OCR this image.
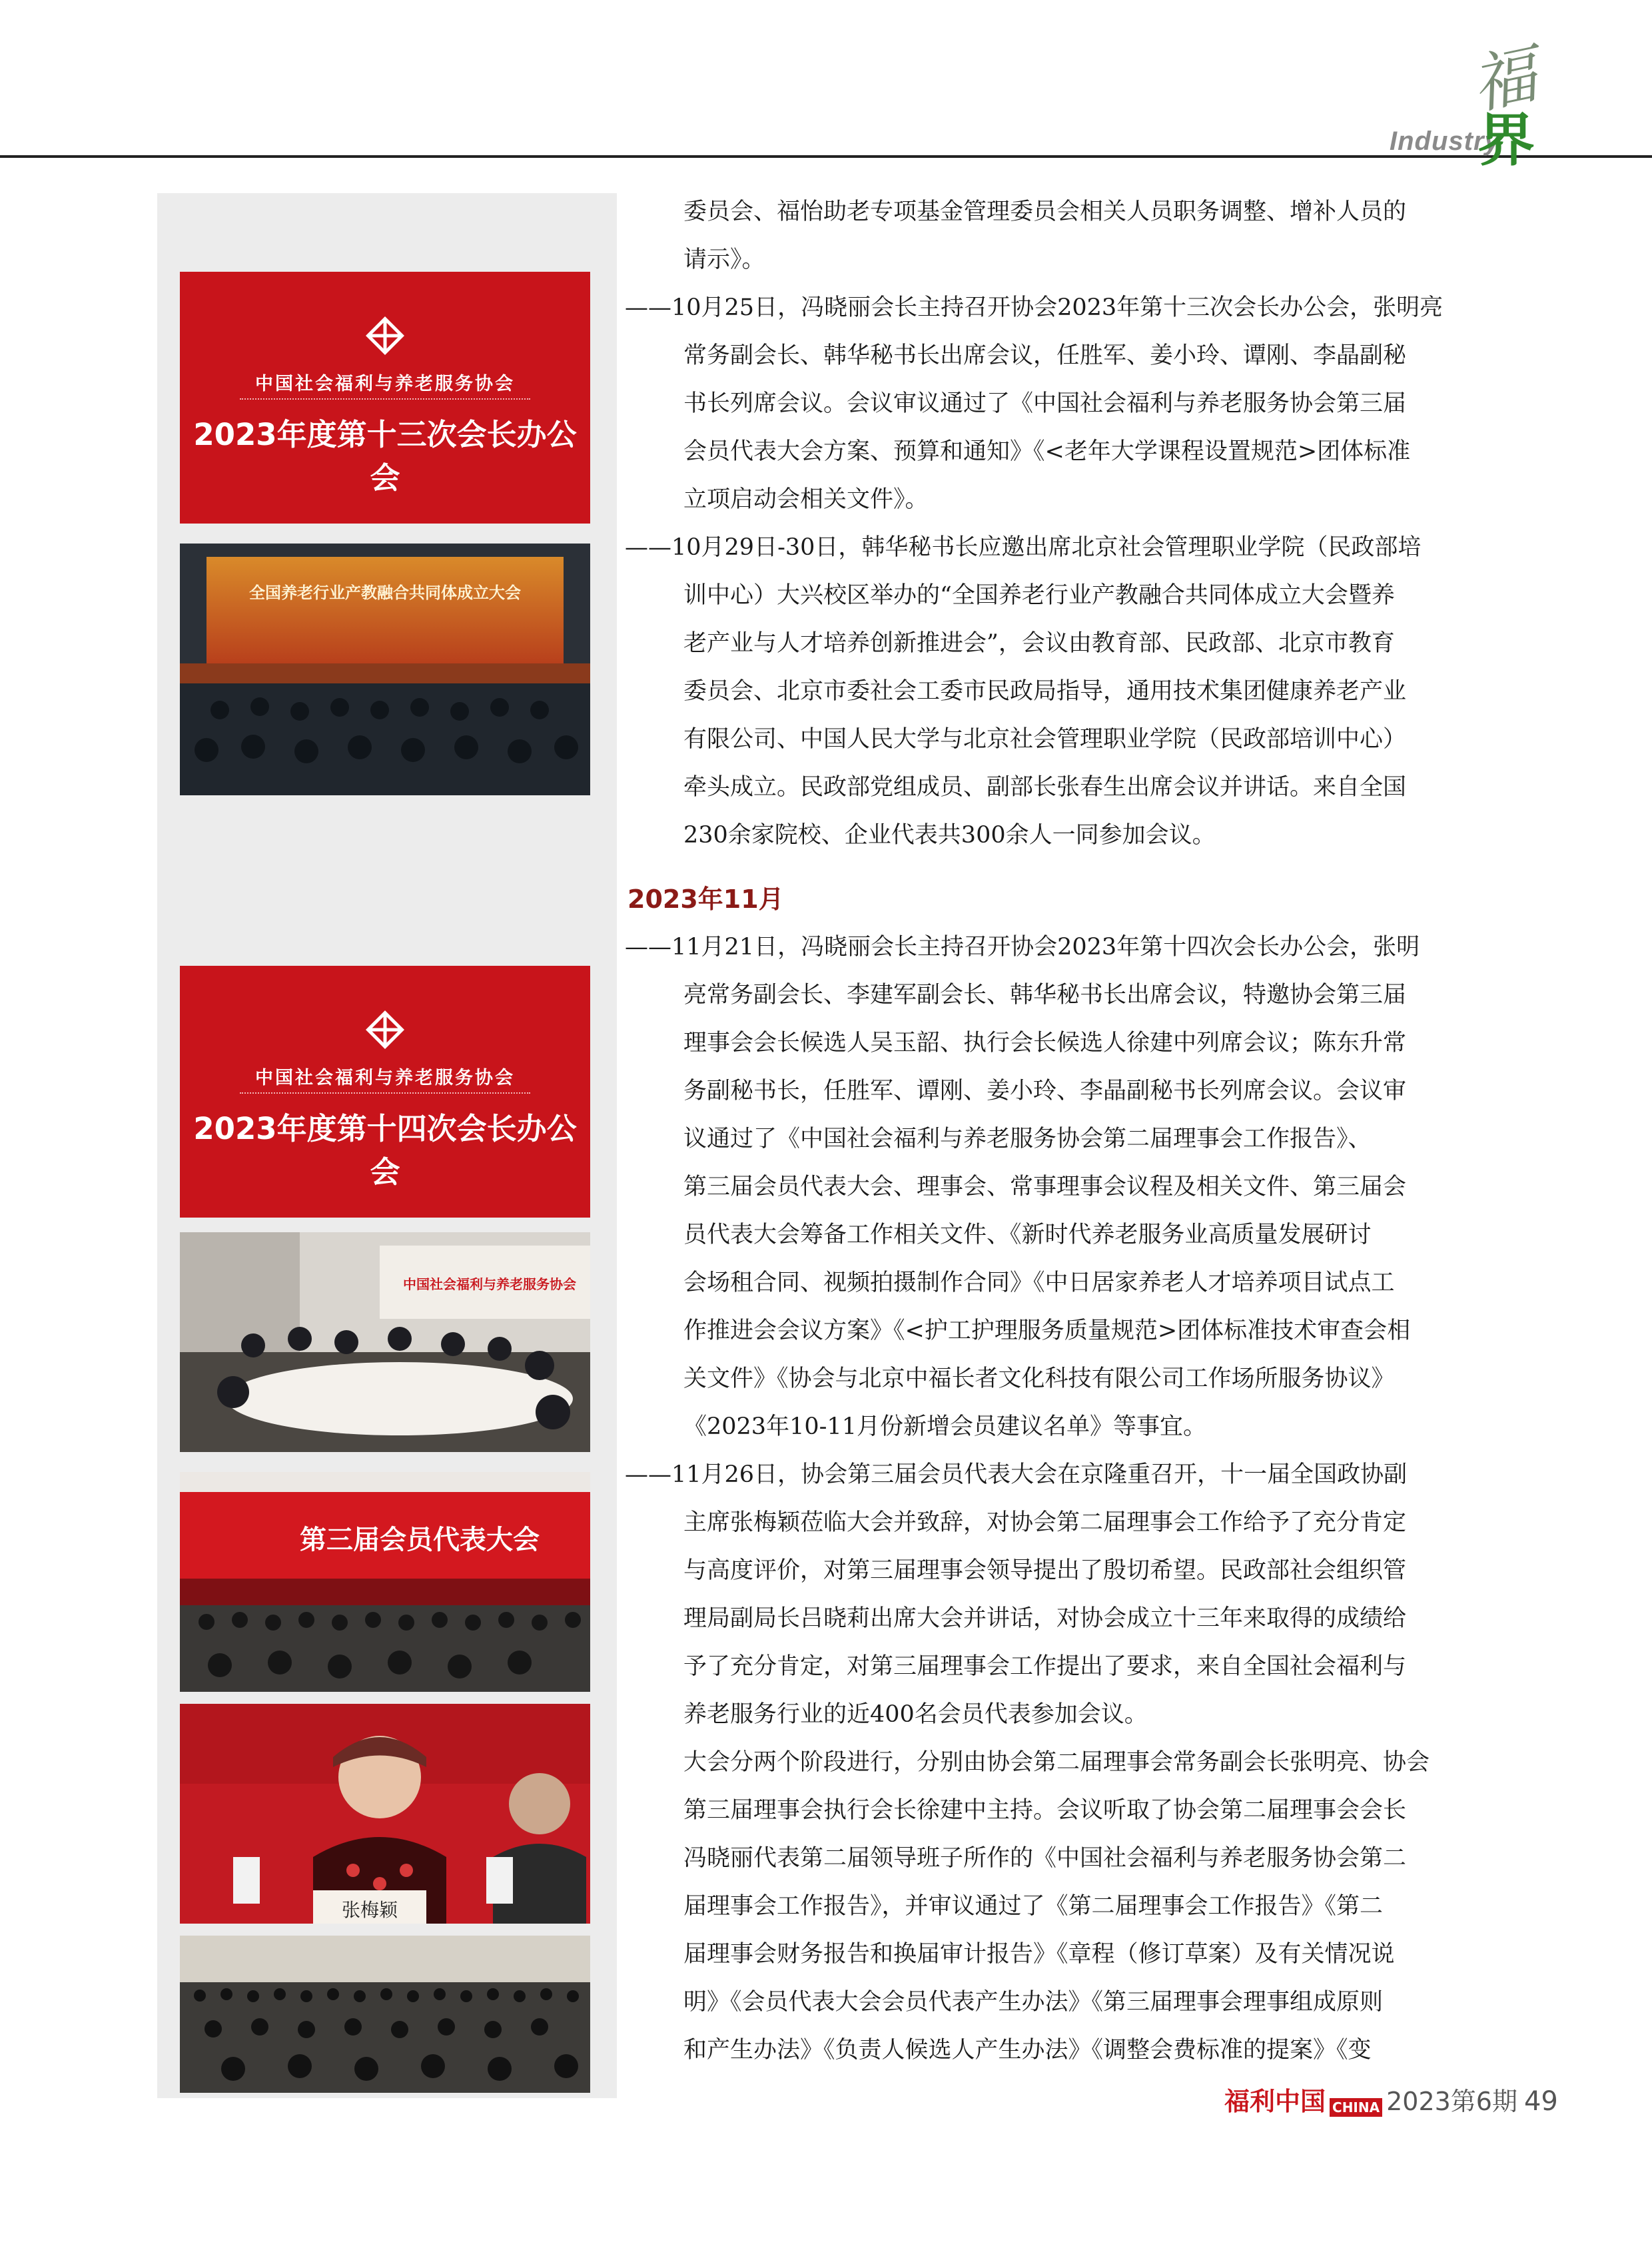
福
Industry
界
中国社会福利与养老服务协会
2023年度第十三次会长办公会
全国养老行业产教融合共同体成立大会
中国社会福利与养老服务协会
2023年度第十四次会长办公会
中国社会福利与养老服务协会
第三届会员代表大会
张梅颖
委员会、福怡助老专项基金管理委员会相关人员职务调整、增补人员的
请示》。
——10月25日，冯晓丽会长主持召开协会2023年第十三次会长办公会，张明亮
常务副会长、韩华秘书长出席会议，任胜军、姜小玲、谭刚、李晶副秘
书长列席会议。会议审议通过了《中国社会福利与养老服务协会第三届
会员代表大会方案、预算和通知》《<老年大学课程设置规范>团体标准
立项启动会相关文件》。
——10月29日-30日，韩华秘书长应邀出席北京社会管理职业学院（民政部培
训中心）大兴校区举办的“全国养老行业产教融合共同体成立大会暨养
老产业与人才培养创新推进会”，会议由教育部、民政部、北京市教育
委员会、北京市委社会工委市民政局指导，通用技术集团健康养老产业
有限公司、中国人民大学与北京社会管理职业学院（民政部培训中心）
牵头成立。民政部党组成员、副部长张春生出席会议并讲话。来自全国
230余家院校、企业代表共300余人一同参加会议。
2023年11月
——11月21日，冯晓丽会长主持召开协会2023年第十四次会长办公会，张明
亮常务副会长、李建军副会长、韩华秘书长出席会议，特邀协会第三届
理事会会长候选人吴玉韶、执行会长候选人徐建中列席会议；陈东升常
务副秘书长，任胜军、谭刚、姜小玲、李晶副秘书长列席会议。会议审
议通过了《中国社会福利与养老服务协会第二届理事会工作报告》、
第三届会员代表大会、理事会、常事理事会议程及相关文件、第三届会
员代表大会筹备工作相关文件、《新时代养老服务业高质量发展研讨
会场租合同、视频拍摄制作合同》《中日居家养老人才培养项目试点工
作推进会会议方案》《<护工护理服务质量规范>团体标准技术审查会相
关文件》《协会与北京中福长者文化科技有限公司工作场所服务协议》
《2023年10-11月份新增会员建议名单》等事宜。
——11月26日，协会第三届会员代表大会在京隆重召开，十一届全国政协副
主席张梅颖莅临大会并致辞，对协会第二届理事会工作给予了充分肯定
与高度评价，对第三届理事会领导提出了殷切希望。民政部社会组织管
理局副局长吕晓莉出席大会并讲话，对协会成立十三年来取得的成绩给
予了充分肯定，对第三届理事会工作提出了要求，来自全国社会福利与
养老服务行业的近400名会员代表参加会议。
大会分两个阶段进行，分别由协会第二届理事会常务副会长张明亮、协会
第三届理事会执行会长徐建中主持。会议听取了协会第二届理事会会长
冯晓丽代表第二届领导班子所作的《中国社会福利与养老服务协会第二
届理事会工作报告》，并审议通过了《第二届理事会工作报告》《第二
届理事会财务报告和换届审计报告》《章程（修订草案）及有关情况说
明》《会员代表大会会员代表产生办法》《第三届理事会理事组成原则
和产生办法》《负责人候选人产生办法》《调整会费标准的提案》《变
福利中国 CHINA 2023第6期 49
